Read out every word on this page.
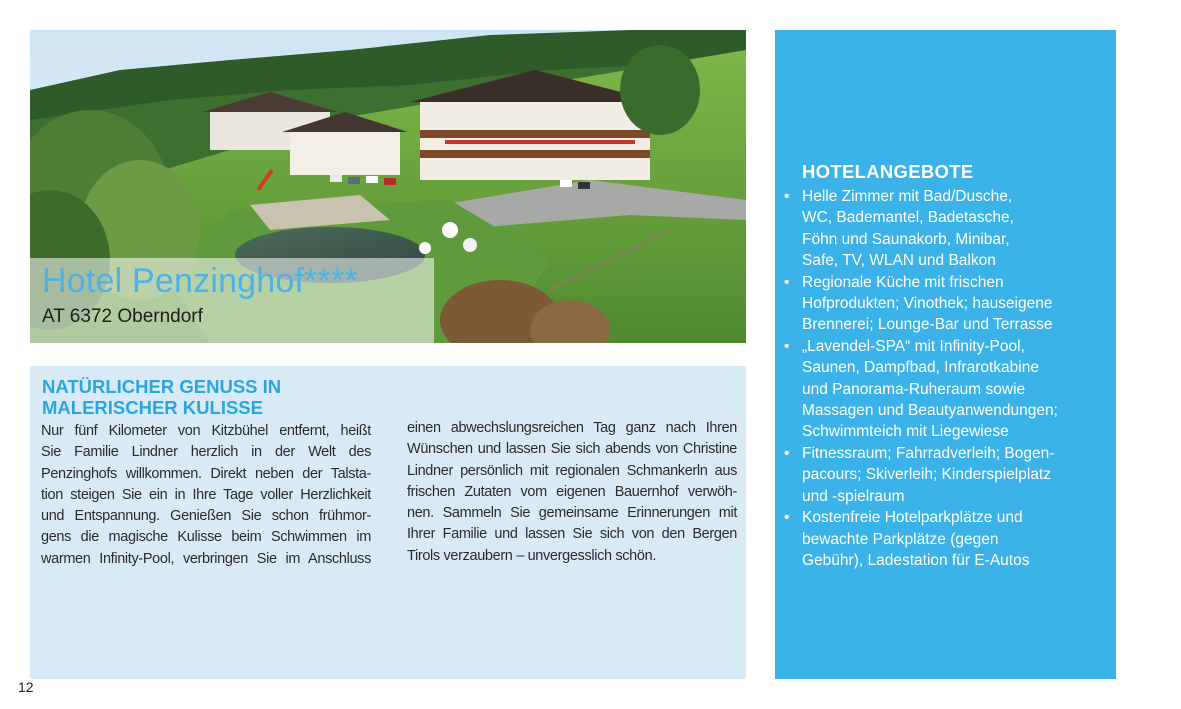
Hotel Penzinghof****
AT 6372 Oberndorf
NATÜRLICHER GENUSS IN
MALERISCHER KULISSE
Nur fünf Kilometer von Kitzbühel entfernt, heißt
Sie Familie Lindner herzlich in der Welt des
Penzinghofs willkommen. Direkt neben der Talsta-
tion steigen Sie ein in Ihre Tage voller Herzlichkeit
und Entspannung. Genießen Sie schon frühmor-
gens die magische Kulisse beim Schwimmen im
warmen Infinity-Pool, verbringen Sie im Anschluss
einen abwechslungsreichen Tag ganz nach Ihren
Wünschen und lassen Sie sich abends von Christine
Lindner persönlich mit regionalen Schmankerln aus
frischen Zutaten vom eigenen Bauernhof verwöh-
nen. Sammeln Sie gemeinsame Erinnerungen mit
Ihrer Familie und lassen Sie sich von den Bergen
Tirols verzaubern – unvergesslich schön.
HOTELANGEBOTE
• Helle Zimmer mit Bad/Dusche,
WC, Bademantel, Badetasche,
Föhn und Saunakorb, Minibar,
Safe, TV, WLAN und Balkon
• Regionale Küche mit frischen
Hofprodukten; Vinothek; hauseigene
Brennerei; Lounge-Bar und Terrasse
• „Lavendel-SPA“ mit Infinity-Pool,
Saunen, Dampfbad, Infrarotkabine
und Panorama-Ruheraum sowie
Massagen und Beautyanwendungen;
Schwimmteich mit Liegewiese
• Fitnessraum; Fahrradverleih; Bogen-
pacours; Skiverleih; Kinderspielplatz
und -spielraum
• Kostenfreie Hotelparkplätze und
bewachte Parkplätze (gegen
Gebühr), Ladestation für E-Autos
12
